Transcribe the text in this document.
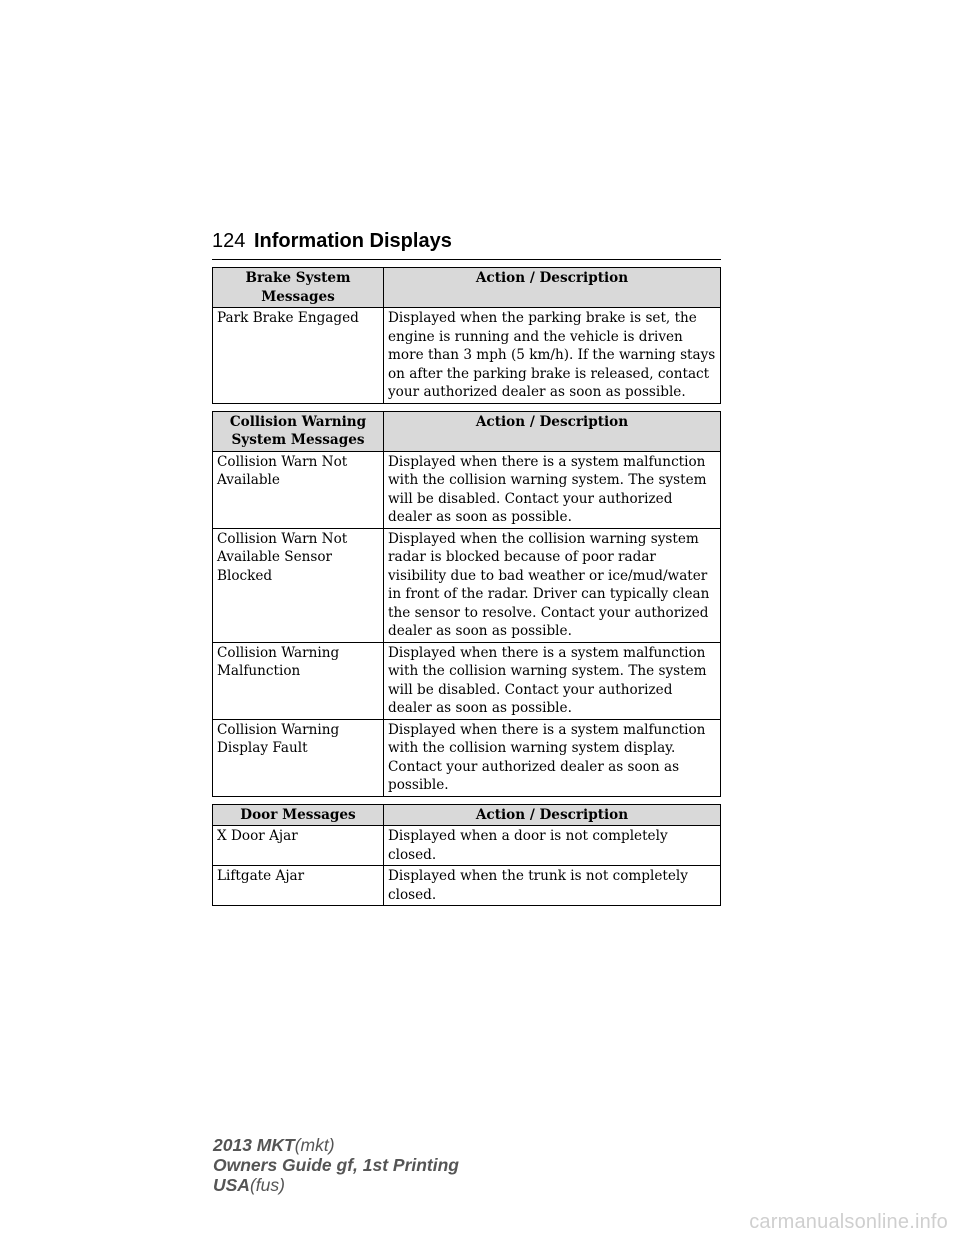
124 Information Displays
Brake System Messages	Action / Description
Park Brake Engaged	Displayed when the parking brake is set, the engine is running and the vehicle is driven more than 3 mph (5 km/h). If the warning stays on after the parking brake is released, contact your authorized dealer as soon as possible.
Collision Warning System Messages	Action / Description
Collision Warn Not Available	Displayed when there is a system malfunction with the collision warning system. The system will be disabled. Contact your authorized dealer as soon as possible.
Collision Warn Not Available Sensor Blocked	Displayed when the collision warning system radar is blocked because of poor radar visibility due to bad weather or ice/mud/water in front of the radar. Driver can typically clean the sensor to resolve. Contact your authorized dealer as soon as possible.
Collision Warning Malfunction	Displayed when there is a system malfunction with the collision warning system. The system will be disabled. Contact your authorized dealer as soon as possible.
Collision Warning Display Fault	Displayed when there is a system malfunction with the collision warning system display. Contact your authorized dealer as soon as possible.
Door Messages	Action / Description
X Door Ajar	Displayed when a door is not completely closed.
Liftgate Ajar	Displayed when the trunk is not completely closed.
2013 MKT(mkt)
Owners Guide gf, 1st Printing
USA(fus)
carmanualsonline.info
